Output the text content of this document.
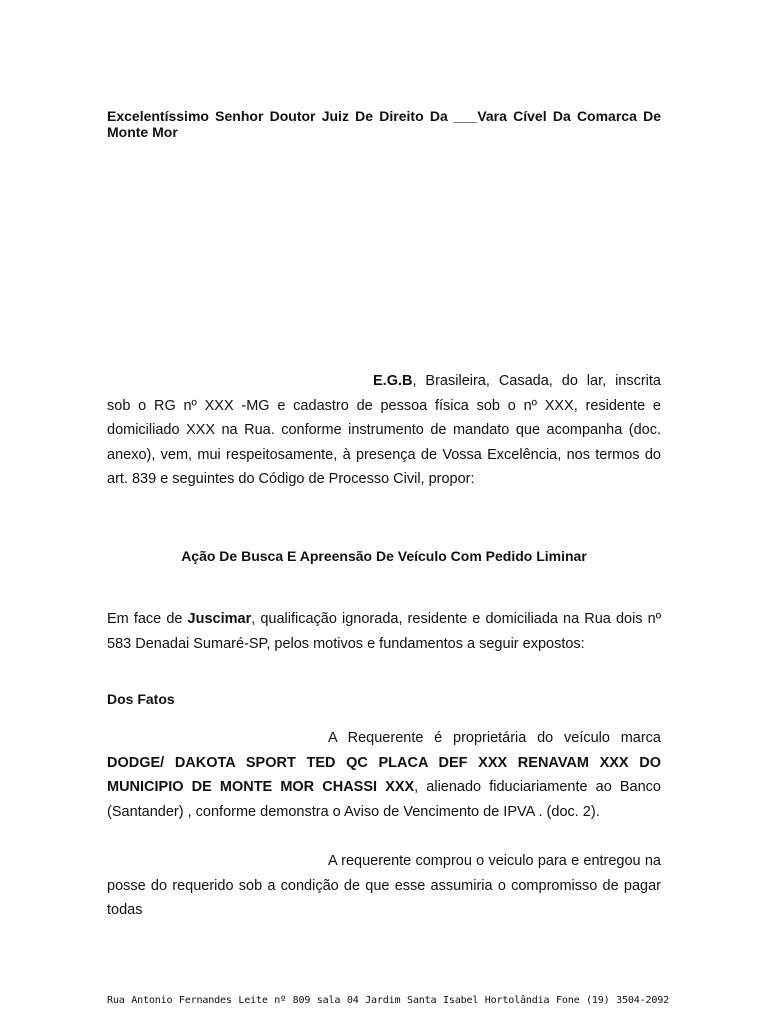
Excelentíssimo Senhor Doutor Juiz De Direito Da ___Vara Cível Da Comarca De Monte Mor
E.G.B, Brasileira, Casada, do lar, inscrita sob o RG nº XXX -MG e cadastro de pessoa física sob o nº XXX, residente e domiciliado XXX na Rua. conforme instrumento de mandato que acompanha (doc. anexo), vem, mui respeitosamente, à presença de Vossa Excelência, nos termos do art. 839 e seguintes do Código de Processo Civil, propor:
Ação De Busca E Apreensão De Veículo Com Pedido Liminar
Em face de Juscimar, qualificação ignorada, residente e domiciliada na Rua dois nº 583 Denadai Sumaré-SP, pelos motivos e fundamentos a seguir expostos:
Dos Fatos
A Requerente é proprietária do veículo marca DODGE/ DAKOTA SPORT TED QC PLACA DEF XXX RENAVAM XXX DO MUNICIPIO DE MONTE MOR CHASSI XXX, alienado fiduciariamente ao Banco (Santander) , conforme demonstra o Aviso de Vencimento de IPVA . (doc. 2).
A requerente comprou o veiculo para e entregou na posse do requerido sob a condição de que esse assumiria o compromisso de pagar todas
Rua Antonio Fernandes Leite nº 809 sala 04 Jardim Santa Isabel Hortolândia Fone (19) 3504-2092
